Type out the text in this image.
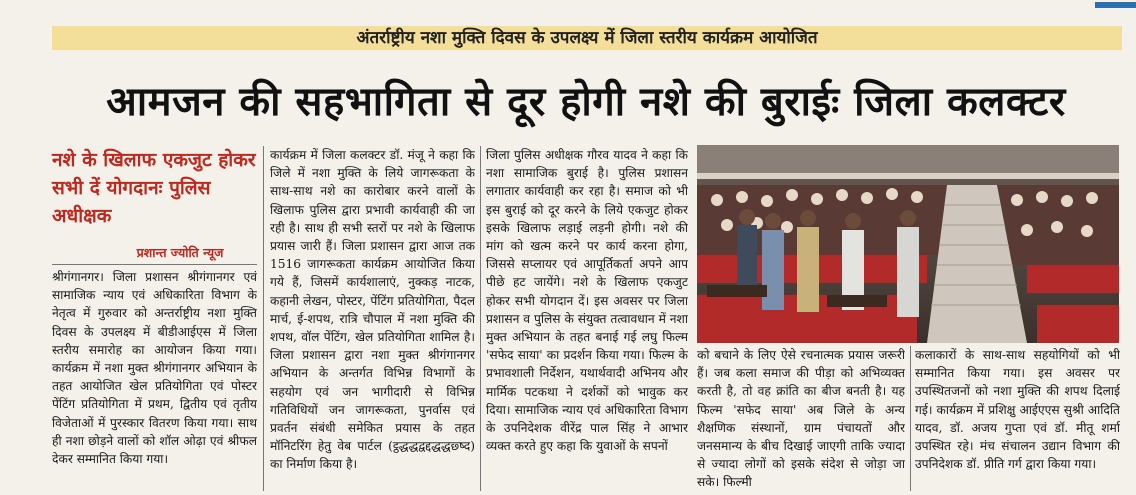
अंतर्राष्ट्रीय नशा मुक्ति दिवस के उपलक्ष्य में जिला स्तरीय कार्यक्रम आयोजित
आमजन की सहभागिता से दूर होगी नशे की बुराईः जिला कलक्टर
नशे के खिलाफ एकजुट होकर सभी दें योगदानः पुलिस अधीक्षक
प्रशान्त ज्योति न्यूज

श्रीगंगानगर। जिला प्रशासन श्रीगंगानगर एवं सामाजिक न्याय एवं अधिकारिता विभाग के नेतृत्व में गुरुवार को अन्तर्राष्ट्रीय नशा मुक्ति दिवस के उपलक्ष्य में बीडीआईएस में जिला स्तरीय समारोह का आयोजन किया गया। कार्यक्रम में नशा मुक्त श्रीगंगानगर अभियान के तहत आयोजित खेल प्रतियोगिता एवं पोस्टर पेंटिंग प्रतियोगिता में प्रथम, द्वितीय एवं तृतीय विजेताओं में पुरस्कार वितरण किया गया। साथ ही नशा छोड़ने वालों को शॉल ओढ़ा एवं श्रीफल देकर सम्मानित किया गया।

कार्यक्रम में जिला कलक्टर डॉ. मंजू ने कहा कि जिले में नशा मुक्ति के लिये जागरूकता के साथ-साथ नशे का कारोबार करने वालों के खिलाफ पुलिस द्वारा प्रभावी कार्यवाही की जा रही है। साथ ही सभी स्तरों पर नशे के खिलाफ प्रयास जारी हैं। जिला प्रशासन द्वारा आज तक 1516 जागरूकता कार्यक्रम आयोजित किया गये हैं, जिसमें कार्यशालाएं, नुक्कड़ नाटक, कहानी लेखन, पोस्टर, पेंटिंग प्रतियोगिता, पैदल मार्च, ई-शपथ, रात्रि चौपाल में नशा मुक्ति की शपथ, वॉल पेंटिंग, खेल प्रतियोगिता शामिल है। जिला प्रशासन द्वारा नशा मुक्त श्रीगंगानगर अभियान के अन्तर्गत विभिन्न विभागों के सहयोग एवं जन भागीदारी से विभिन्न गतिविधियों जन जागरूकता, पुनर्वास एवं प्रवर्तन संबंधी समेकित प्रयास के तहत मॉनिटरिंग हेतु वेब पार्टल (ट्ठद्धद्धद्वद्दद्धद्धछ्ष्द) का निर्माण किया है।

जिला पुलिस अधीक्षक गौरव यादव ने कहा कि नशा सामाजिक बुराई है। पुलिस प्रशासन लगातार कार्यवाही कर रहा है। समाज को भी इस बुराई को दूर करने के लिये एकजुट होकर इसके खिलाफ लड़ाई लड़नी होगी। नशे की मांग को खत्म करने पर कार्य करना होगा, जिससे सप्लायर एवं आपूर्तिकर्ता अपने आप पीछे हट जायेंगे। नशे के खिलाफ एकजुट होकर सभी योगदान दें। इस अवसर पर जिला प्रशासन व पुलिस के संयुक्त तत्वावधान में नशा मुक्त अभियान के तहत बनाई गई लघु फिल्म 'सफेद साया' का प्रदर्शन किया गया। फिल्म के प्रभावशाली निर्देशन, यथार्थवादी अभिनय और मार्मिक पटकथा ने दर्शकों को भावुक कर दिया। सामाजिक न्याय एवं अधिकारिता विभाग के उपनिदेशक वीरेंद्र पाल सिंह ने आभार व्यक्त करते हुए कहा कि युवाओं के सपनों

को बचाने के लिए ऐसे रचनात्मक प्रयास जरूरी हैं। जब कला समाज की पीड़ा को अभिव्यक्त करती है, तो वह क्रांति का बीज बनती है। यह फिल्म 'सफेद साया' अब जिले के अन्य शैक्षणिक संस्थानों, ग्राम पंचायतों और जनसमान्य के बीच दिखाई जाएगी ताकि ज्यादा से ज्यादा लोगों को इसके संदेश से जोड़ा जा सके। फिल्मी

कलाकारों के साथ-साथ सहयोगियों को भी सम्मानित किया गया। इस अवसर पर उपस्थितजनों को नशा मुक्ति की शपथ दिलाई गई। कार्यक्रम में प्रशिक्षु आईएएस सुश्री आदिति यादव, डॉ. अजय गुप्ता एवं डॉ. मीतू शर्मा उपस्थित रहे। मंच संचालन उद्यान विभाग की उपनिदेशक डॉ. प्रीति गर्ग द्वारा किया गया।
